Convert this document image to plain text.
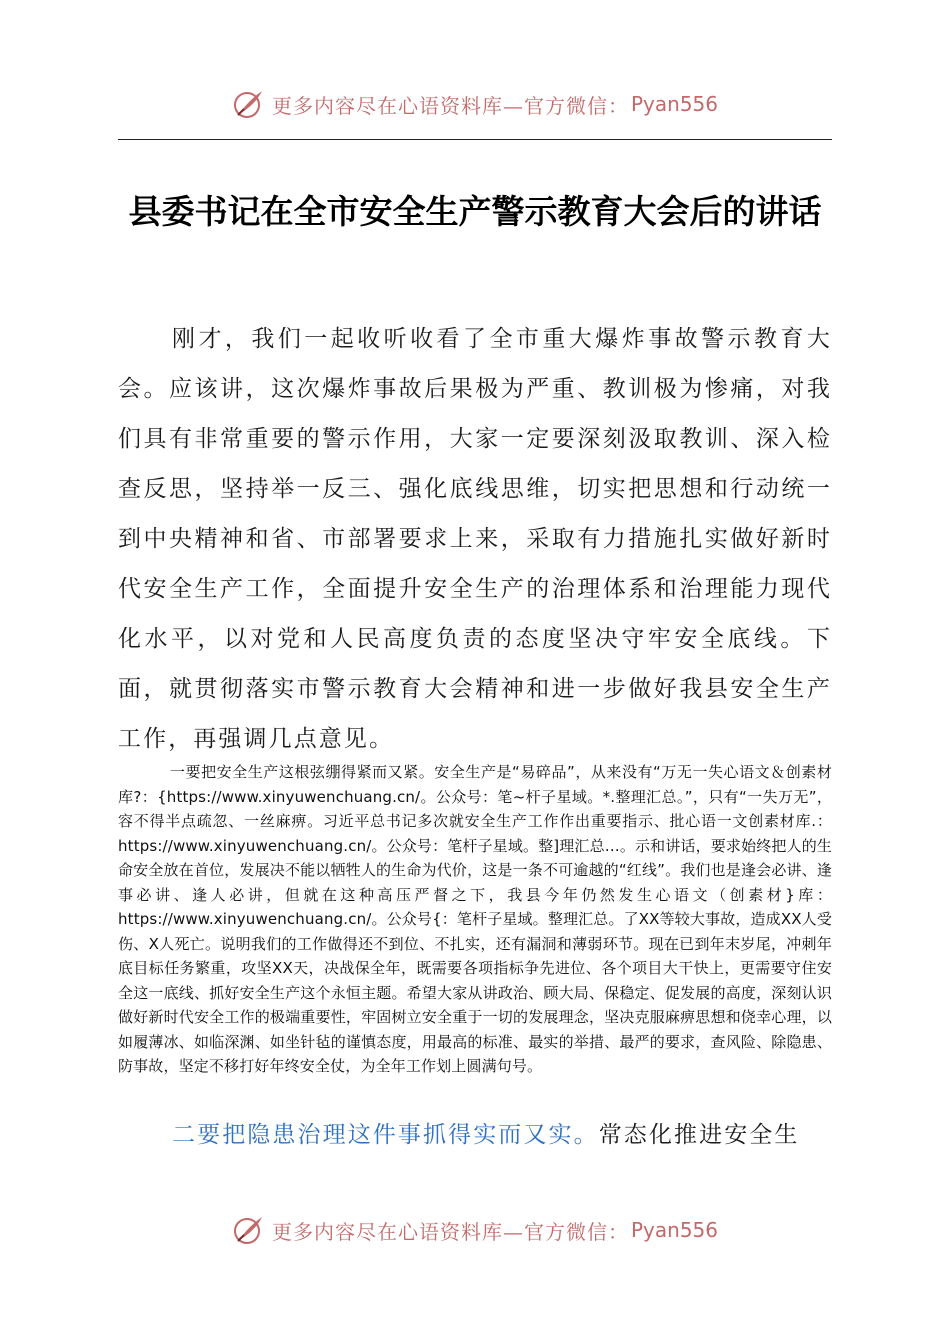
更多内容尽在心语资料库—官方微信： Pyan556
县委书记在全市安全生产警示教育大会后的讲话

刚才，我们一起收听收看了全市重大爆炸事故警示教育大会。应该讲，这次爆炸事故后果极为严重、教训极为惨痛，对我们具有非常重要的警示作用，大家一定要深刻汲取教训、深入检查反思，坚持举一反三、强化底线思维，切实把思想和行动统一到中央精神和省、市部署要求上来，采取有力措施扎实做好新时代安全生产工作，全面提升安全生产的治理体系和治理能力现代化水平，以对党和人民高度负责的态度坚决守牢安全底线。下面，就贯彻落实市警示教育大会精神和进一步做好我县安全生产工作，再强调几点意见。

一要把安全生产这根弦绷得紧而又紧。安全生产是“易碎品”，从来没有“万无一失心语文＆创素材库?：{https://www.xinyuwenchuang.cn/。公众号：笔~杆子星域。*.整理汇总。”，只有“一失万无”，容不得半点疏忽、一丝麻痹。习近平总书记多次就安全生产工作作出重要指示、批心语一文创素材库.：https://www.xinyuwenchuang.cn/。公众号：笔杆子星域。整]理汇总…。示和讲话，要求始终把人的生命安全放在首位，发展决不能以牺牲人的生命为代价，这是一条不可逾越的“红线”。我们也是逢会必讲、逢事必讲、逢人必讲，但就在这种高压严督之下，我县今年仍然发生心语文（创素材}库：https://www.xinyuwenchuang.cn/。公众号{：笔杆子星域。整理汇总。了XX等较大事故，造成XX人受伤、X人死亡。说明我们的工作做得还不到位、不扎实，还有漏洞和薄弱环节。现在已到年末岁尾，冲刺年底目标任务繁重，攻坚XX天，决战保全年，既需要各项指标争先进位、各个项目大干快上，更需要守住安全这一底线、抓好安全生产这个永恒主题。希望大家从讲政治、顾大局、保稳定、促发展的高度，深刻认识做好新时代安全工作的极端重要性，牢固树立安全重于一切的发展理念，坚决克服麻痹思想和侥幸心理，以如履薄冰、如临深渊、如坐针毡的谨慎态度，用最高的标准、最实的举措、最严的要求，查风险、除隐患、防事故，坚定不移打好年终安全仗，为全年工作划上圆满句号。

二要把隐患治理这件事抓得实而又实。常态化推进安全生

更多内容尽在心语资料库—官方微信： Pyan556
